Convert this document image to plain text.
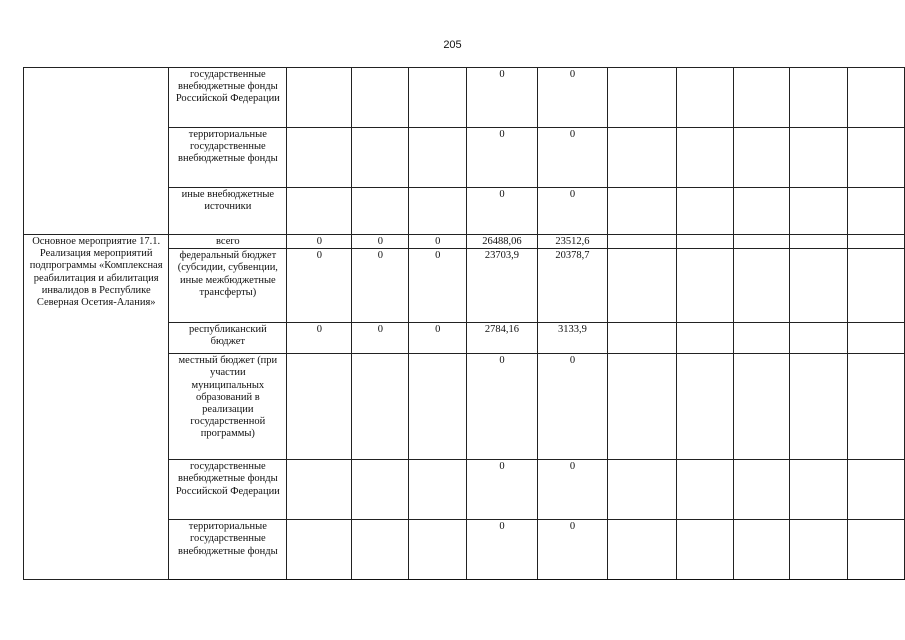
205
	государственные внебюджетные фонды Российской Федерации				0	0					
	территориальные государственные внебюджетные фонды				0	0					
	иные внебюджетные источники				0	0					
Основное мероприятие 17.1. Реализация мероприятий подпрограммы «Комплексная реабилитация и абилитация инвалидов в Республике Северная Осетия-Алания»	всего	0	0	0	26488,06	23512,6					
	федеральный бюджет (субсидии, субвенции, иные межбюджетные трансферты)	0	0	0	23703,9	20378,7					
	республиканский бюджет	0	0	0	2784,16	3133,9					
	местный бюджет (при участии муниципальных образований в реализации государственной программы)				0	0					
	государственные внебюджетные фонды Российской Федерации				0	0					
	территориальные государственные внебюджетные фонды				0	0					
